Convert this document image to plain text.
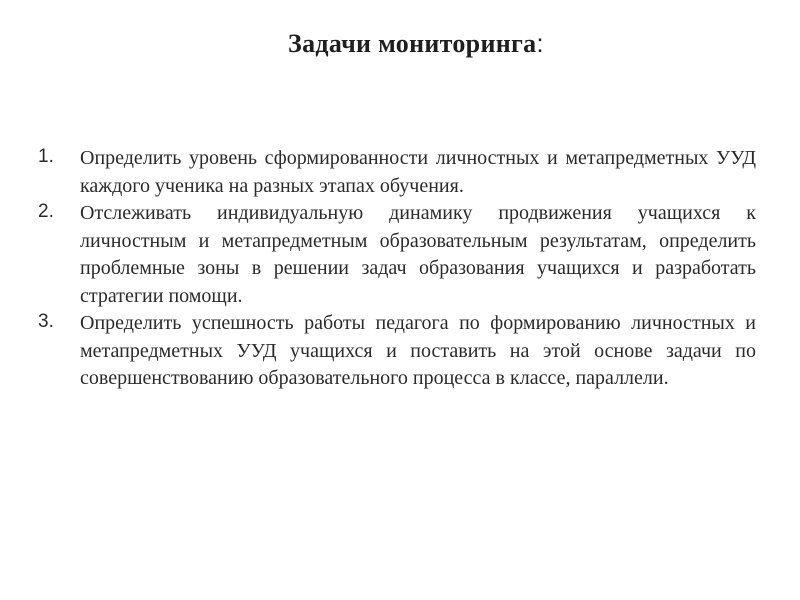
Задачи мониторинга:
1. Определить уровень сформированности личностных и метапредметных УУД каждого ученика на разных этапах обучения.
2. Отслеживать индивидуальную динамику продвижения учащихся к личностным и метапредметным образовательным результатам, определить проблемные зоны в решении задач образования учащихся и разработать стратегии помощи.
3. Определить успешность работы педагога по формированию личностных и метапредметных УУД учащихся и поставить на этой основе задачи по совершенствованию образовательного процесса в классе, параллели.
